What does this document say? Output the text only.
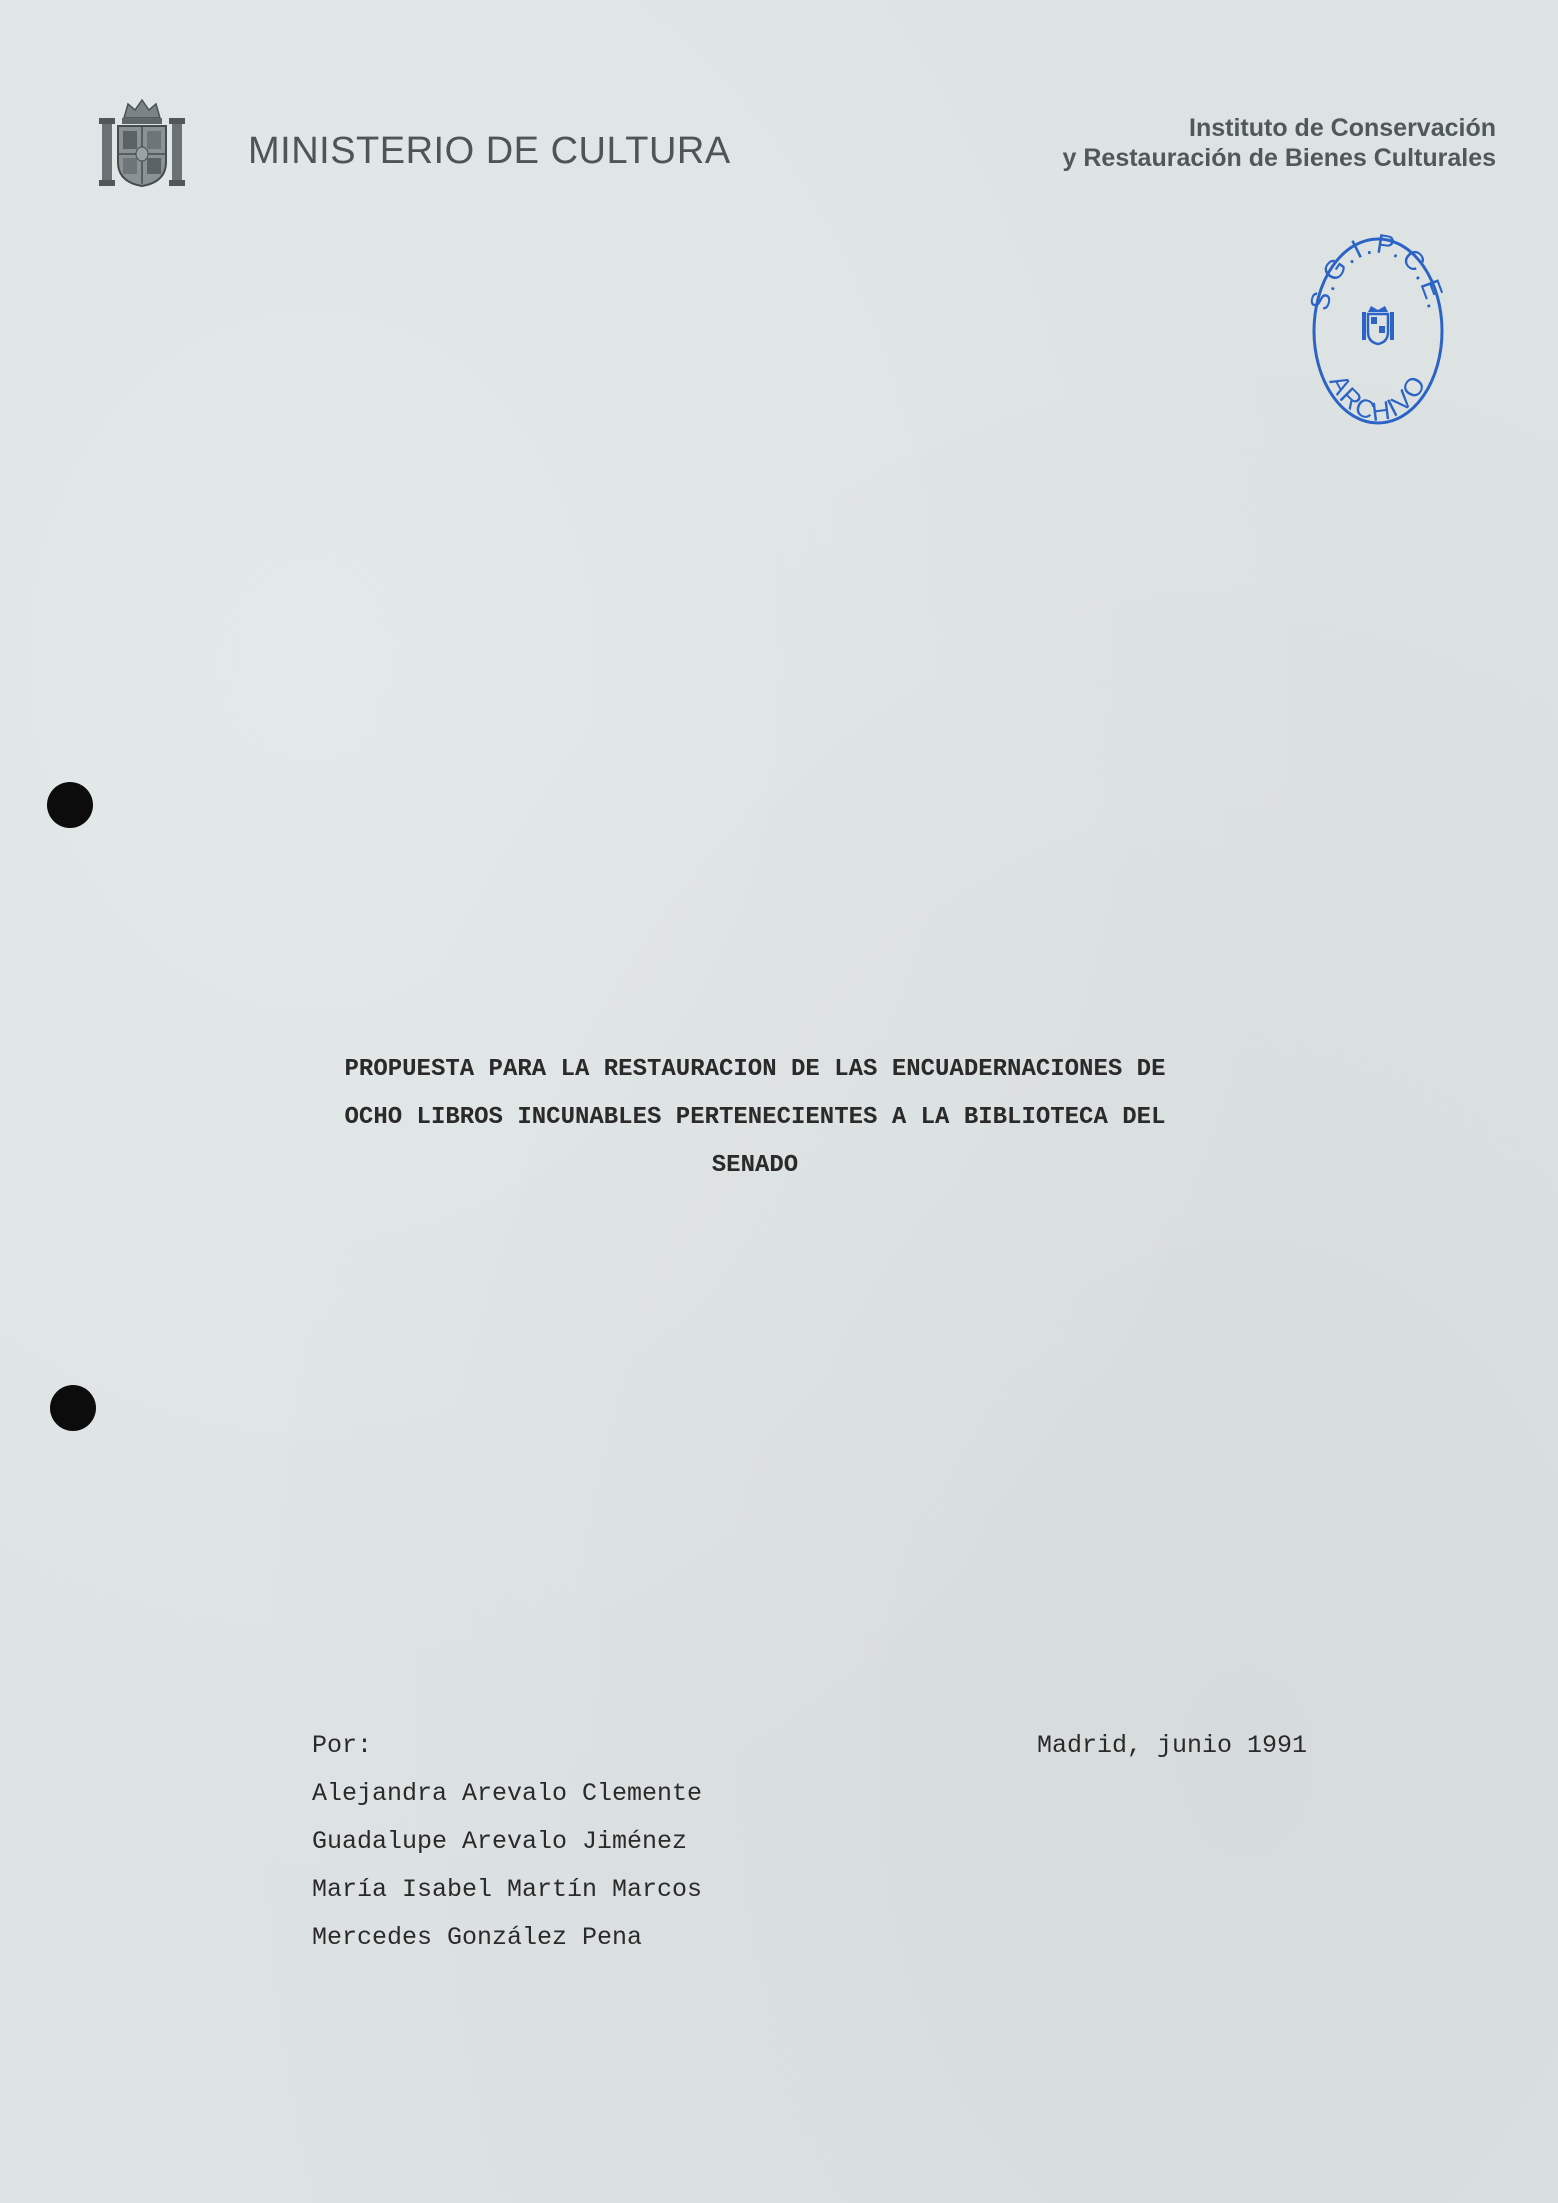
MINISTERIO DE CULTURA
Instituto de Conservación
y Restauración de Bienes Culturales
.G.I.P.C.E
ARCHIVO
PROPUESTA PARA LA RESTAURACION DE LAS ENCUADERNACIONES DE
OCHO LIBROS INCUNABLES PERTENECIENTES A LA BIBLIOTECA DEL
SENADO
Por:
Alejandra Arevalo Clemente
Guadalupe Arevalo Jiménez
María Isabel Martín Marcos
Mercedes González Pena
Madrid, junio 1991
